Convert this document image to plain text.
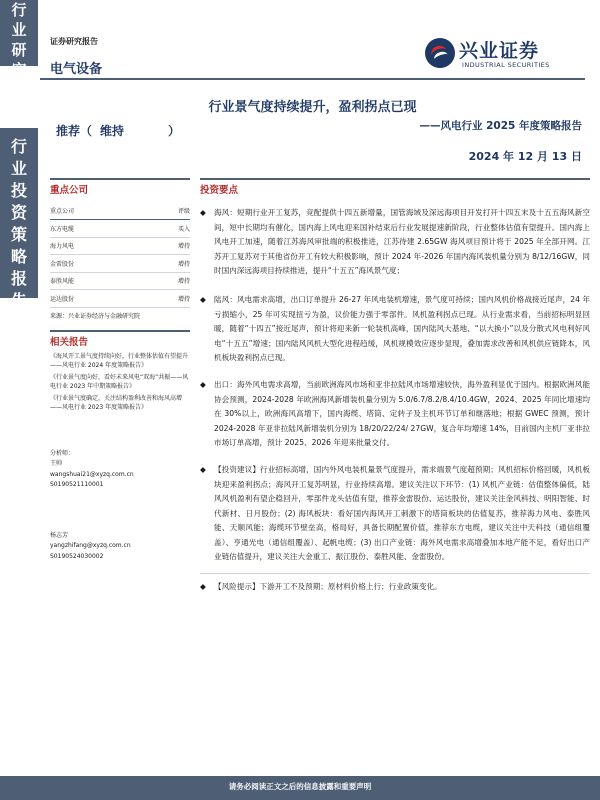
行
业
研
究
行
业
投
资
策
略
报
告
证券研究报告
电气设备
兴业证券
INDUSTRIAL SECURITIES
行业景气度持续提升，盈利拐点已现
——风电行业 2025 年度策略报告
推荐（ 维持	）
2024 年 12 月 13 日
重点公司
重点公司	评级
东方电缆	买入
海力风电	增持
金雷股份	增持
泰胜风能	增持
运达股份	增持
来源：兴业证券经济与金融研究院
相关报告

《海风开工景气度持续向好，行业整体估值有望提升——风电行业 2024 年度策略报告》

《行业景气度向好，看好未来风电“双海”共振——风电行业 2023 年中期策略报告》

《行业景气度确定，关注结构盈利改善和海风高增——风电行业 2023 年度策略报告》

分析师：
王帅
wangshuai21@xyzq.com.cn
S0190521110001
杨志芳
yangzhifang@xyzq.com.cn
S0190524030002
投资要点
◆ 海风：短期行业开工复苏，竞配提供十四五新增量，国管海域及深远海项目开发打开十四五末及十五五海风新空间，短中长期均有催化，国内海上风电迎来国补结束后行业发展提速新阶段，行业整体估值有望提升。国内海上风电开工加速，随着江苏海风审批端的积极推进，江苏待建 2.65GW 海风项目预计将于 2025 年全部开网。江苏开工复苏对于其他省份开工有较大积极影响，预计 2024 年-2026 年国内海风装机量分别为 8/12/16GW，同时国内深远海项目持续推进，提升“十五五”海风景气度；
◆ 陆风：风电需求高增，出口订单提升 26-27 年风电装机增速，景气度可持续；国内风机价格战接近尾声，24 年亏损缩小，25 年可实现扭亏为盈，议价能力强于零部件。风机盈利拐点已现。从行业需求看，当前招标明显回暖，随着“十四五”接近尾声，预计将迎来新一轮装机高峰，国内陆风大基地、“以大换小”以及分散式风电利好风电“十五五”增速；国内陆风风机大型化进程趋缓，风机规模效应逐步显现，叠加需求改善和风机供应链降本，风机板块盈利拐点已现。
◆ 出口：海外风电需求高增，当前欧洲海风市场和亚非拉陆风市场增速较快，海外盈利显优于国内。根据欧洲风能协会预测，2024-2028 年欧洲海风新增装机量分别为 5.0/6.7/8.2/8.4/10.4GW，2024、2025 年同比增速均在 30%以上，欧洲海风高增下，国内海缆、塔筒、定转子及主机环节订单和继落地；根据 GWEC 预测，预计 2024-2028 年亚非拉陆风新增装机分别为 18/20/22/24/ 27GW，复合年均增速 14%，目前国内主机厂亚非拉市场订单高增，预计 2025、2026 年迎来批量交付。
◆ 【投资建议】行业招标高增，国内外风电装机量景气度提升，需求端景气度超预期；风机招标价格回暖，风机板块迎来盈利拐点；海风开工复苏明显，行业持续高增。建议关注以下环节：(1) 风机产业链：估值整体偏低，陆风风机盈利有望企稳回升，零部件龙头估值有望，推荐金雷股份、运达股份，建议关注金风科技、明阳智能、时代新材、日月股份；(2) 海风板块：看好国内海风开工刺激下的塔筒板块的估值复苏，推荐海力风电、泰胜风能、天顺风能；海缆环节壁垒高，格局好，具备长期配置价值，推荐东方电缆，建议关注中天科技（通信组覆盖）、亨通光电（通信组覆盖）、起帆电缆；(3) 出口产业链：海外风电需求高增叠加本地产能不足，看好出口产业链估值提升，建议关注大金重工、振江股份、泰胜风能、金雷股份。
◆ 【风险提示】下游开工不及预期；原材料价格上行；行业政策变化。
请务必阅读正文之后的信息披露和重要声明
